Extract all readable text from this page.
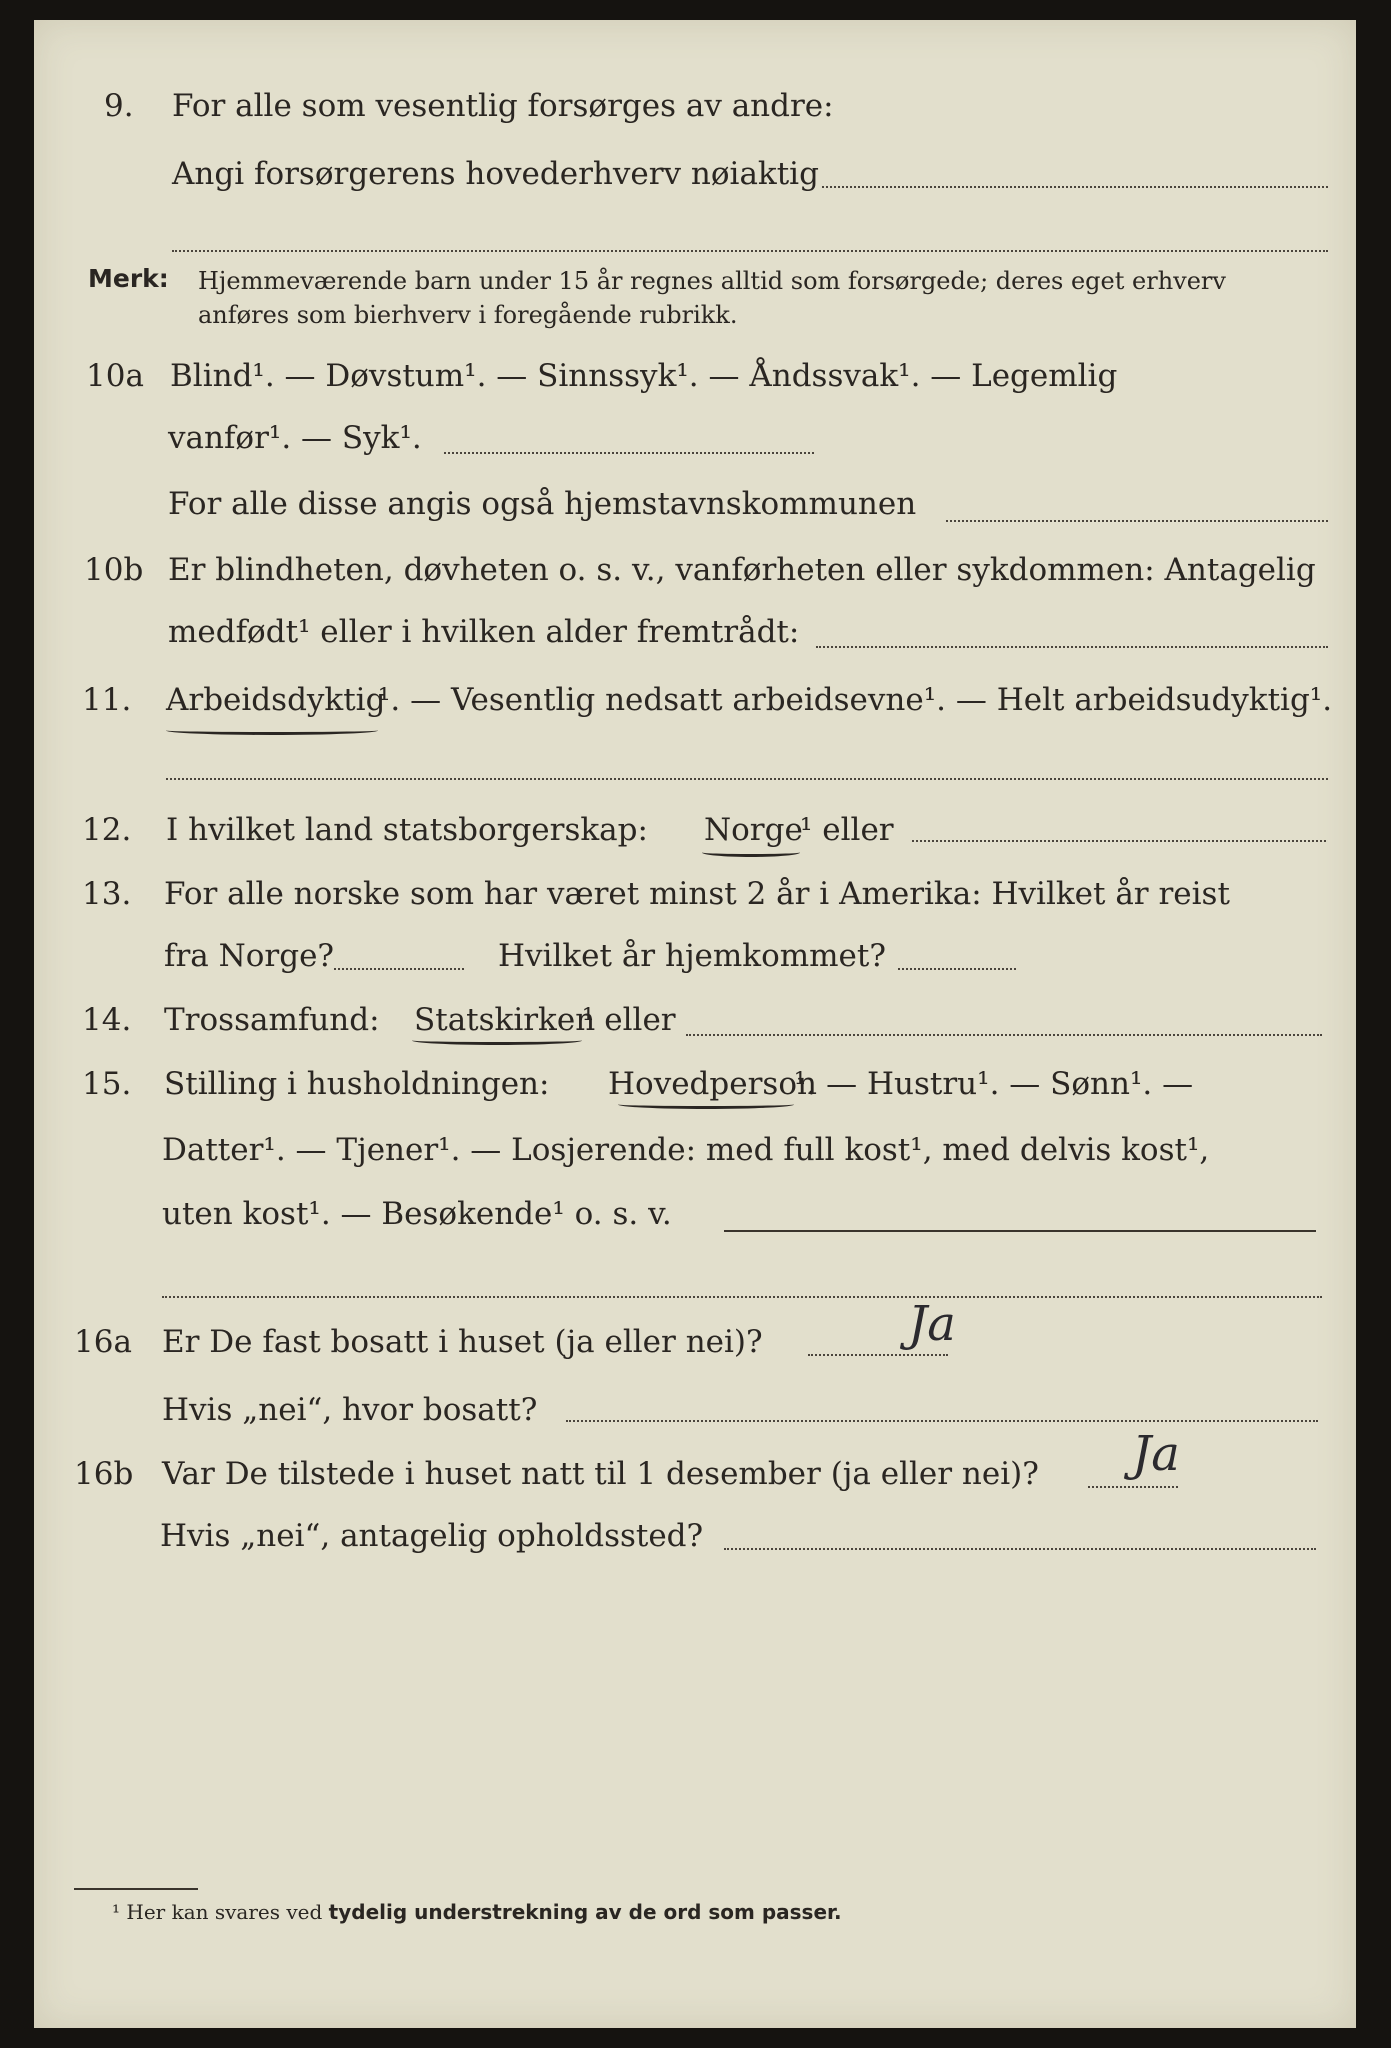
9. For alle som vesentlig forsørges av andre:
Angi forsørgerens hovederhverv nøiaktig
Merk: Hjemmeværende barn under 15 år regnes alltid som forsørgede; deres eget erhverv
anføres som bierhverv i foregående rubrikk.
10a Blind¹. — Døvstum¹. — Sinnssyk¹. — Åndssvak¹. — Legemlig
vanfør¹. — Syk¹.
For alle disse angis også hjemstavnskommunen
10b Er blindheten, døvheten o. s. v., vanførheten eller sykdommen: Antagelig
medfødt¹ eller i hvilken alder fremtrådt:
11. Arbeidsdyktig
¹. — Vesentlig nedsatt arbeidsevne¹. — Helt arbeidsudyktig¹.
12. I hvilket land statsborgerskap: Norge
¹ eller
13. For alle norske som har været minst 2 år i Amerika: Hvilket år reist
fra Norge?	Hvilket år hjemkommet?
14. Trossamfund: Statskirken
¹ eller
15. Stilling i husholdningen: Hovedperson
¹. — Hustru¹. — Sønn¹. —
Datter¹. — Tjener¹. — Losjerende: med full kost¹, med delvis kost¹,
uten kost¹. — Besøkende¹ o. s. v.
16a Er De fast bosatt i huset (ja eller nei)?	Ja
Hvis „nei“, hvor bosatt?
16b Var De tilstede i huset natt til 1 desember (ja eller nei)? Ja
Hvis „nei“, antagelig opholdssted?
¹ Her kan svares ved tydelig understrekning av de ord som passer.
